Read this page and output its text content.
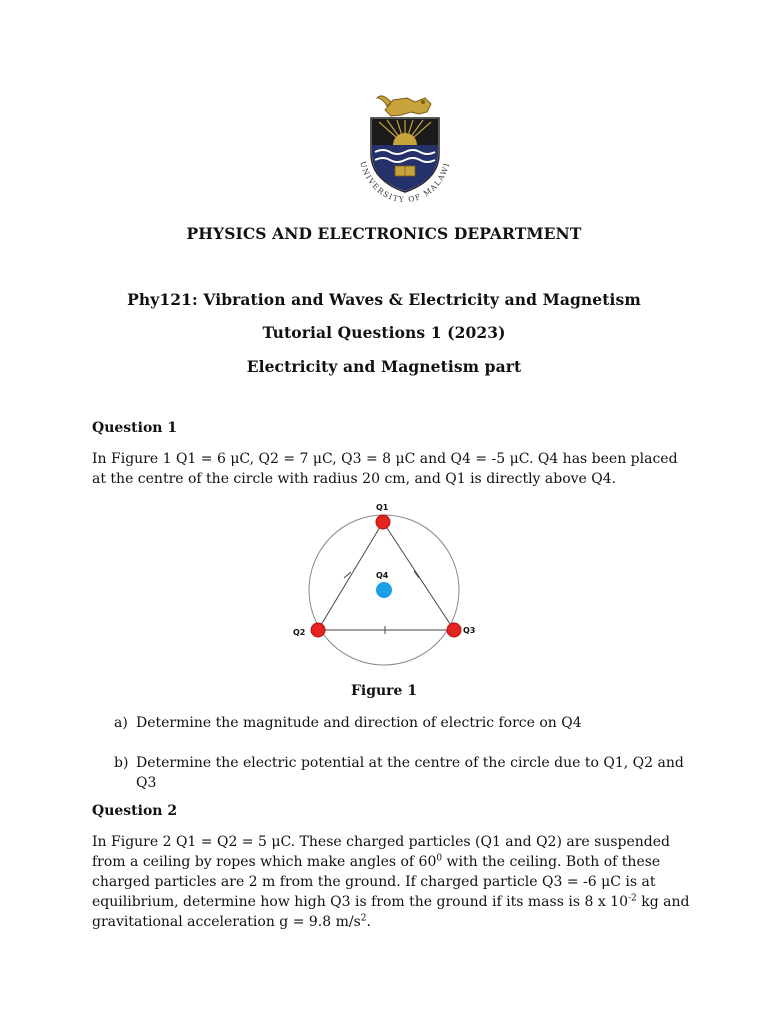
UNIVERSITY OF MALAWI
PHYSICS AND ELECTRONICS DEPARTMENT
Phy121: Vibration and Waves & Electricity and Magnetism
Tutorial Questions 1 (2023)
Electricity and Magnetism part
Question 1
In Figure 1 Q1 = 6 μC, Q2 = 7 μC, Q3 = 8 μC and Q4 = -5 μC. Q4 has been placed at the centre of the circle with radius 20 cm, and Q1 is directly above Q4.
Q1
Q2	Q3
Q4
Figure 1
a) Determine the magnitude and direction of electric force on Q4
b) Determine the electric potential at the centre of the circle due to Q1, Q2 and Q3
Question 2
In Figure 2 Q1 = Q2 = 5 μC. These charged particles (Q1 and Q2) are suspended from a ceiling by ropes which make angles of $60^0$ with the ceiling. Both of these charged particles are 2 m from the ground. If charged particle Q3 = -6 μC is at equilibrium, determine how high Q3 is from the ground if its mass is 8 x $10^{-2}$ kg and gravitational acceleration g = 9.8 $m/s^2$.
